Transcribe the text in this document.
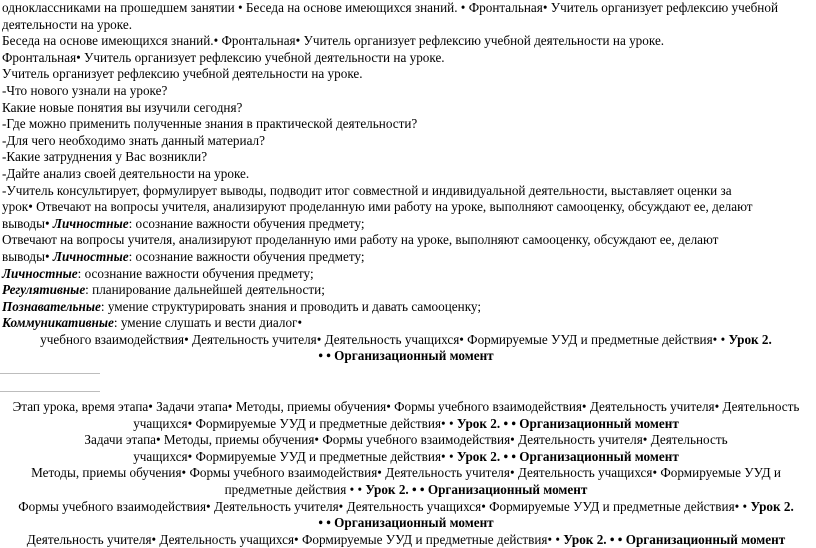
одноклассниками на прошедшем занятии • Беседа на основе имеющихся знаний. • Фронтальная• Учитель организует рефлексию учебной

деятельности на уроке.

Беседа на основе имеющихся знаний.• Фронтальная• Учитель организует рефлексию учебной деятельности на уроке.

Фронтальная• Учитель организует рефлексию учебной деятельности на уроке.

Учитель организует рефлексию учебной деятельности на уроке.

-Что нового узнали на уроке?

Какие новые понятия вы изучили сегодня?

-Где можно применить полученные знания в практической деятельности?

-Для чего необходимо знать данный материал?

-Какие затруднения у Вас возникли?

-Дайте анализ своей деятельности на уроке.

-Учитель консультирует, формулирует выводы, подводит итог совместной и индивидуальной деятельности, выставляет оценки за

урок• Отвечают на вопросы учителя, анализируют проделанную ими работу на уроке, выполняют самооценку, обсуждают ее, делают

выводы• Личностные: осознание важности обучения предмету;

Отвечают на вопросы учителя, анализируют проделанную ими работу на уроке, выполняют самооценку, обсуждают ее, делают

выводы• Личностные: осознание важности обучения предмету;

Личностные: осознание важности обучения предмету;

Регулятивные: планирование дальнейшей деятельности;

Познавательные: умение структурировать знания и проводить и давать самооценку;

Коммуникативные: умение слушать и вести диалог•

учебного взаимодействия• Деятельность учителя• Деятельность учащихся• Формируемые УУД и предметные действия• • Урок 2.

• • Организационный момент

Этап урока, время этапа• Задачи этапа• Методы, приемы обучения• Формы учебного взаимодействия• Деятельность учителя• Деятельность

учащихся• Формируемые УУД и предметные действия• • Урок 2. • • Организационный момент

Задачи этапа• Методы, приемы обучения• Формы учебного взаимодействия• Деятельность учителя• Деятельность

учащихся• Формируемые УУД и предметные действия• • Урок 2. • • Организационный момент

Методы, приемы обучения• Формы учебного взаимодействия• Деятельность учителя• Деятельность учащихся• Формируемые УУД и

предметные действия • • Урок 2. • • Организационный момент

Формы учебного взаимодействия• Деятельность учителя• Деятельность учащихся• Формируемые УУД и предметные действия• • Урок 2.

• • Организационный момент

Деятельность учителя• Деятельность учащихся• Формируемые УУД и предметные действия• • Урок 2. • • Организационный момент
